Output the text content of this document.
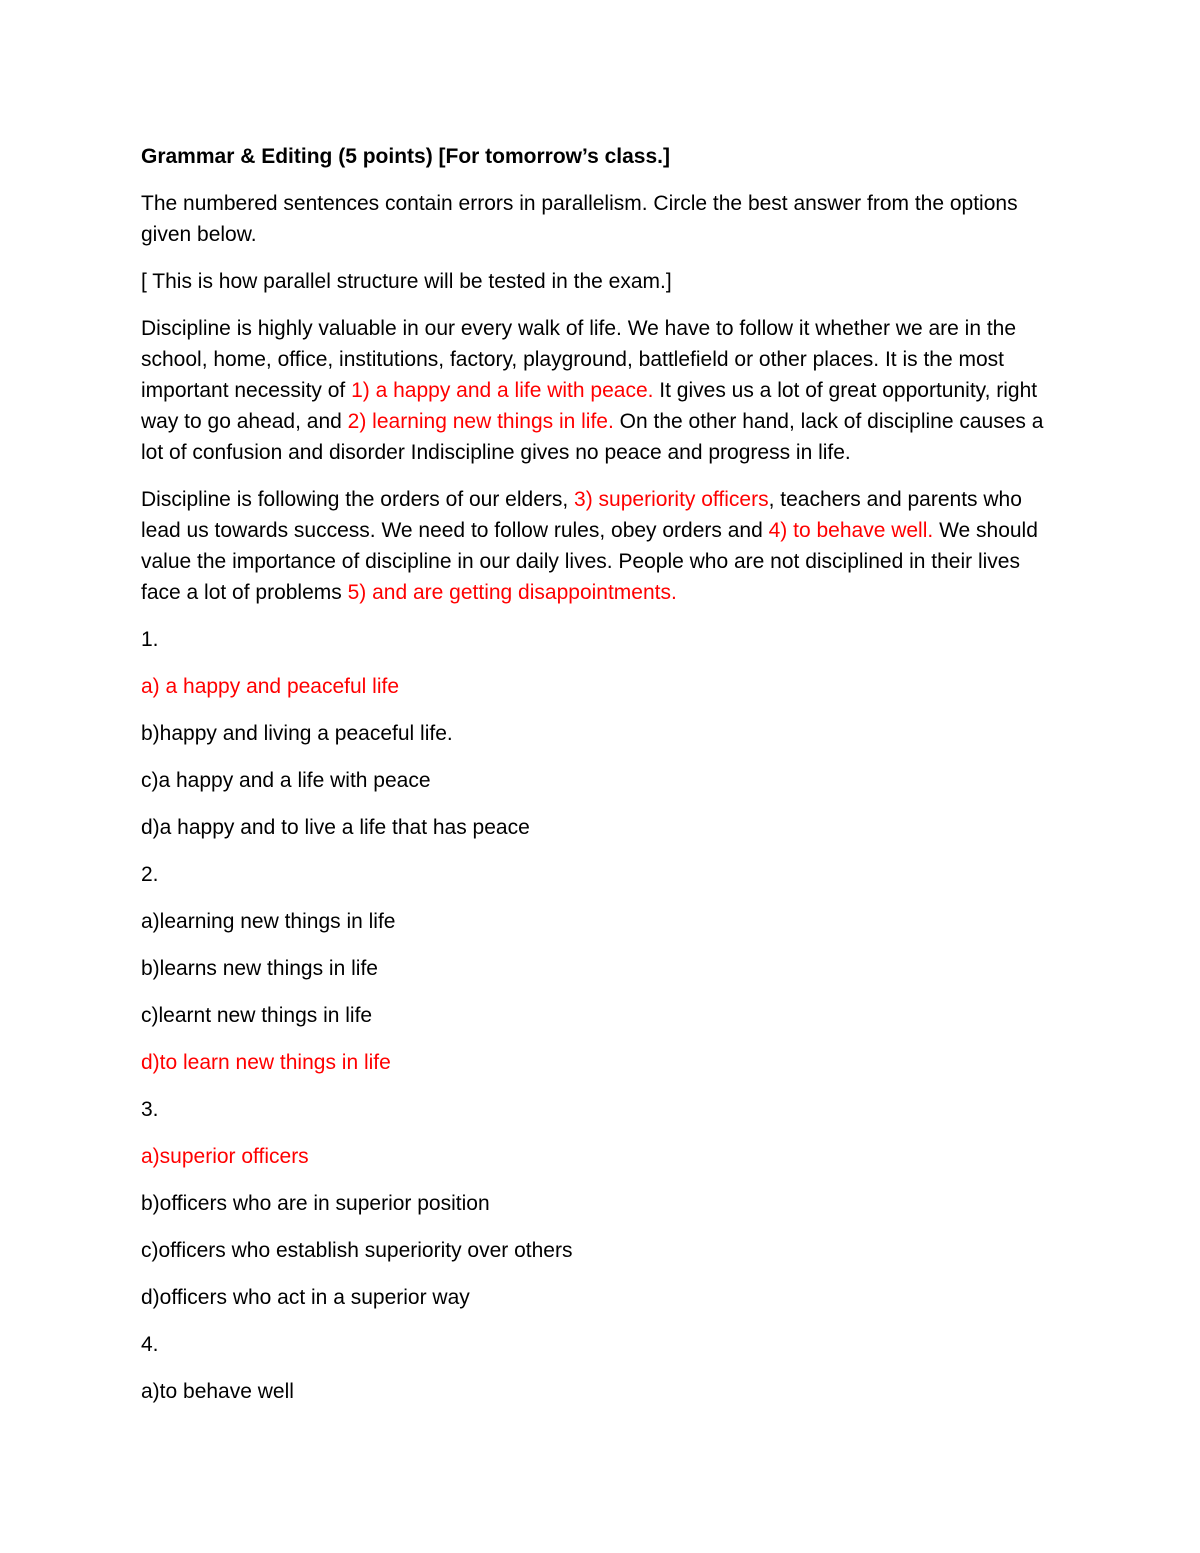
Grammar & Editing (5 points) [For tomorrow’s class.]

The numbered sentences contain errors in parallelism. Circle the best answer from the options given below.

[ This is how parallel structure will be tested in the exam.]

Discipline is highly valuable in our every walk of life. We have to follow it whether we are in the school, home, office, institutions, factory, playground, battlefield or other places. It is the most important necessity of 1) a happy and a life with peace. It gives us a lot of great opportunity, right way to go ahead, and 2) learning new things in life. On the other hand, lack of discipline causes a lot of confusion and disorder Indiscipline gives no peace and progress in life.

Discipline is following the orders of our elders, 3) superiority officers, teachers and parents who lead us towards success. We need to follow rules, obey orders and 4) to behave well. We should value the importance of discipline in our daily lives. People who are not disciplined in their lives face a lot of problems 5) and are getting disappointments.

1.

a) a happy and peaceful life

b)happy and living a peaceful life.

c)a happy and a life with peace

d)a happy and to live a life that has peace

2.

a)learning new things in life

b)learns new things in life

c)learnt new things in life

d)to learn new things in life

3.

a)superior officers

b)officers who are in superior position

c)officers who establish superiority over others

d)officers who act in a superior way

4.

a)to behave well
